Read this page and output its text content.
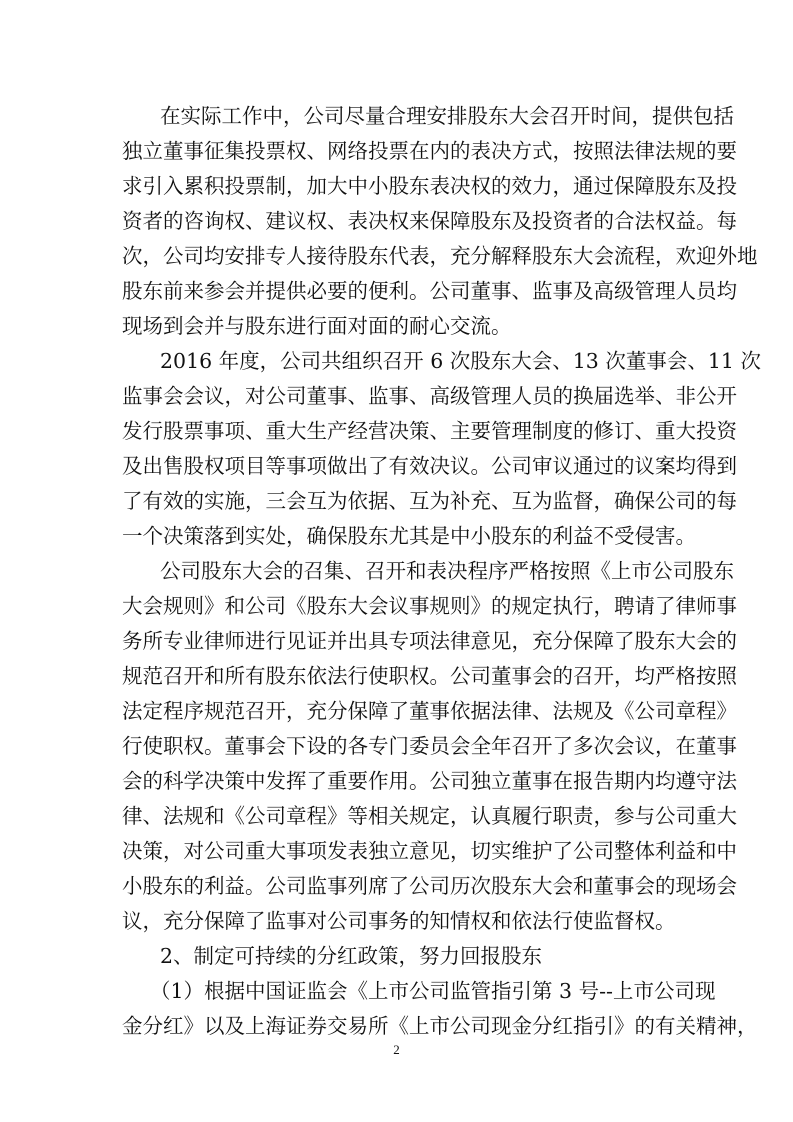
在实际工作中，公司尽量合理安排股东大会召开时间，提供包括
独立董事征集投票权、网络投票在内的表决方式，按照法律法规的要
求引入累积投票制，加大中小股东表决权的效力，通过保障股东及投
资者的咨询权、建议权、表决权来保障股东及投资者的合法权益。每
次，公司均安排专人接待股东代表，充分解释股东大会流程，欢迎外地
股东前来参会并提供必要的便利。公司董事、监事及高级管理人员均
现场到会并与股东进行面对面的耐心交流。
2016 年度，公司共组织召开 6 次股东大会、13 次董事会、11 次
监事会会议，对公司董事、监事、高级管理人员的换届选举、非公开
发行股票事项、重大生产经营决策、主要管理制度的修订、重大投资
及出售股权项目等事项做出了有效决议。公司审议通过的议案均得到
了有效的实施，三会互为依据、互为补充、互为监督，确保公司的每
一个决策落到实处，确保股东尤其是中小股东的利益不受侵害。
公司股东大会的召集、召开和表决程序严格按照《上市公司股东
大会规则》和公司《股东大会议事规则》的规定执行，聘请了律师事
务所专业律师进行见证并出具专项法律意见，充分保障了股东大会的
规范召开和所有股东依法行使职权。公司董事会的召开，均严格按照
法定程序规范召开，充分保障了董事依据法律、法规及《公司章程》
行使职权。董事会下设的各专门委员会全年召开了多次会议，在董事
会的科学决策中发挥了重要作用。公司独立董事在报告期内均遵守法
律、法规和《公司章程》等相关规定，认真履行职责，参与公司重大
决策，对公司重大事项发表独立意见，切实维护了公司整体利益和中
小股东的利益。公司监事列席了公司历次股东大会和董事会的现场会
议，充分保障了监事对公司事务的知情权和依法行使监督权。
2、制定可持续的分红政策，努力回报股东
（1）根据中国证监会《上市公司监管指引第 3 号--上市公司现
金分红》以及上海证券交易所《上市公司现金分红指引》的有关精神，
2
